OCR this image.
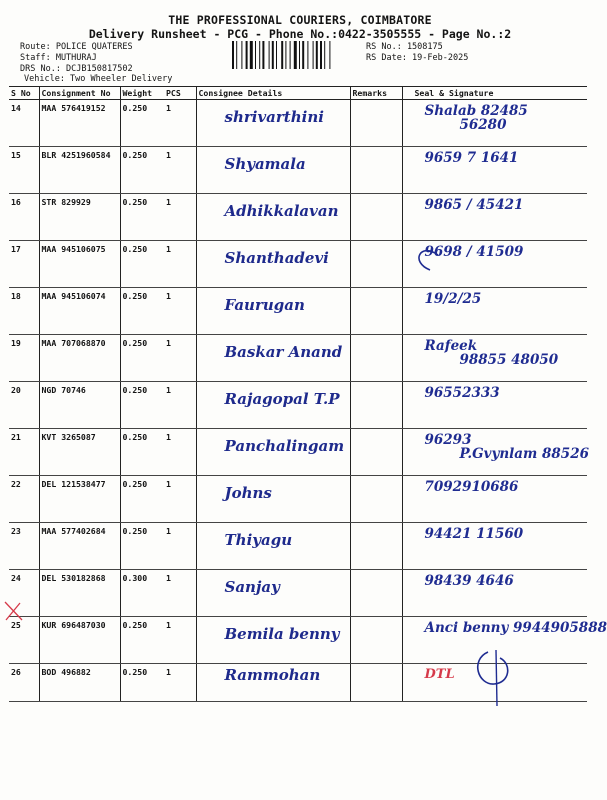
THE PROFESSIONAL COURIERS, COIMBATORE
Delivery Runsheet - PCG - Phone No.:0422-3505555 - Page No.:2
Route: POLICE QUATERES
Staff: MUTHURAJ
DRS No.: DCJB150817502
Vehicle: Two Wheeler Delivery
RS No.: 1508175
RS Date: 19-Feb-2025
S No	Consignment No	Weight	PCS	Consignee Details	Remarks	Seal & Signature
14	MAA 576419152	0.250	1	shrivarthini		Shalab 82485
56280

15	BLR 4251960584	0.250	1	Shyamala		9659 7 1641

16	STR 829929	0.250	1	Adhikkalavan		9865 / 45421

17	MAA 945106075	0.250	1	Shanthadevi		9698 / 41509

18	MAA 945106074	0.250	1	Faurugan		19/2/25

19	MAA 707068870	0.250	1	Baskar Anand		Rafeek
98855 48050

20	NGD 70746	0.250	1	Rajagopal T.P		96552333

21	KVT 3265087	0.250	1	Panchalingam		96293
P.Gvynlam 88526

22	DEL 121538477	0.250	1	Johns		7092910686

23	MAA 577402684	0.250	1	Thiyagu		94421 11560

24	DEL 530182868	0.300	1	Sanjay		98439 4646

25	KUR 696487030	0.250	1	Bemila benny		Anci benny 9944905888

26	BOD 496882	0.250	1	Rammohan		DTL
